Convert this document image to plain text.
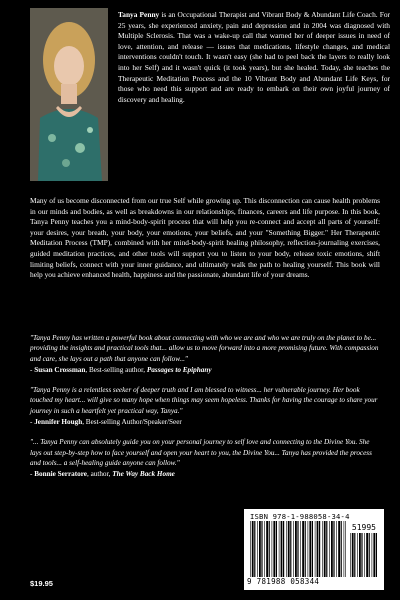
Tanya Penny is an Occupational Therapist and Vibrant Body & Abundant Life Coach. For 25 years, she experienced anxiety, pain and depression and in 2004 was diagnosed with Multiple Sclerosis. That was a wake-up call that warned her of deeper issues in need of love, attention, and release — issues that medications, lifestyle changes, and medical interventions couldn't touch. It wasn't easy (she had to peel back the layers to really look into her Self) and it wasn't quick (it took years), but she healed. Today, she teaches the Therapeutic Meditation Process and the 10 Vibrant Body and Abundant Life Keys, for those who need this support and are ready to embark on their own joyful journey of discovery and healing.
Many of us become disconnected from our true Self while growing up. This disconnection can cause health problems in our minds and bodies, as well as breakdowns in our relationships, finances, careers and life purpose. In this book, Tanya Penny teaches you a mind-body-spirit process that will help you re-connect and accept all parts of yourself: your desires, your breath, your body, your emotions, your beliefs, and your "Something Bigger." Her Therapeutic Meditation Process (TMP), combined with her mind-body-spirit healing philosophy, reflection-journaling exercises, guided meditation practices, and other tools will support you to listen to your body, release toxic emotions, shift limiting beliefs, connect with your inner guidance, and ultimately walk the path to healing yourself. This book will help you achieve enhanced health, happiness and the passionate, abundant life of your dreams.
"Tanya Penny has written a powerful book about connecting with who we are and who we are truly on the planet to be... providing the insights and practical tools that... allow us to move forward into a more promising future. With compassion and care, she lays out a path that anyone can follow..."
- Susan Crossman, Best-selling author, Passages to Epiphany
"Tanya Penny is a relentless seeker of deeper truth and I am blessed to witness... her vulnerable journey. Her book touched my heart... will give so many hope when things may seem hopeless. Thanks for having the courage to share your journey in such a heartfelt yet practical way, Tanya."
- Jennifer Hough, Best-selling Author/Speaker/Seer
"... Tanya Penny can absolutely guide you on your personal journey to self love and connecting to the Divine You. She lays out step-by-step how to face yourself and open your heart to you, the Divine You... Tanya has provided the process and tools... a self-healing guide anyone can follow."
- Bonnie Serratore, author, The Way Back Home
$19.95
ISBN 978-1-988058-34-4
51995
9 781988 058344
